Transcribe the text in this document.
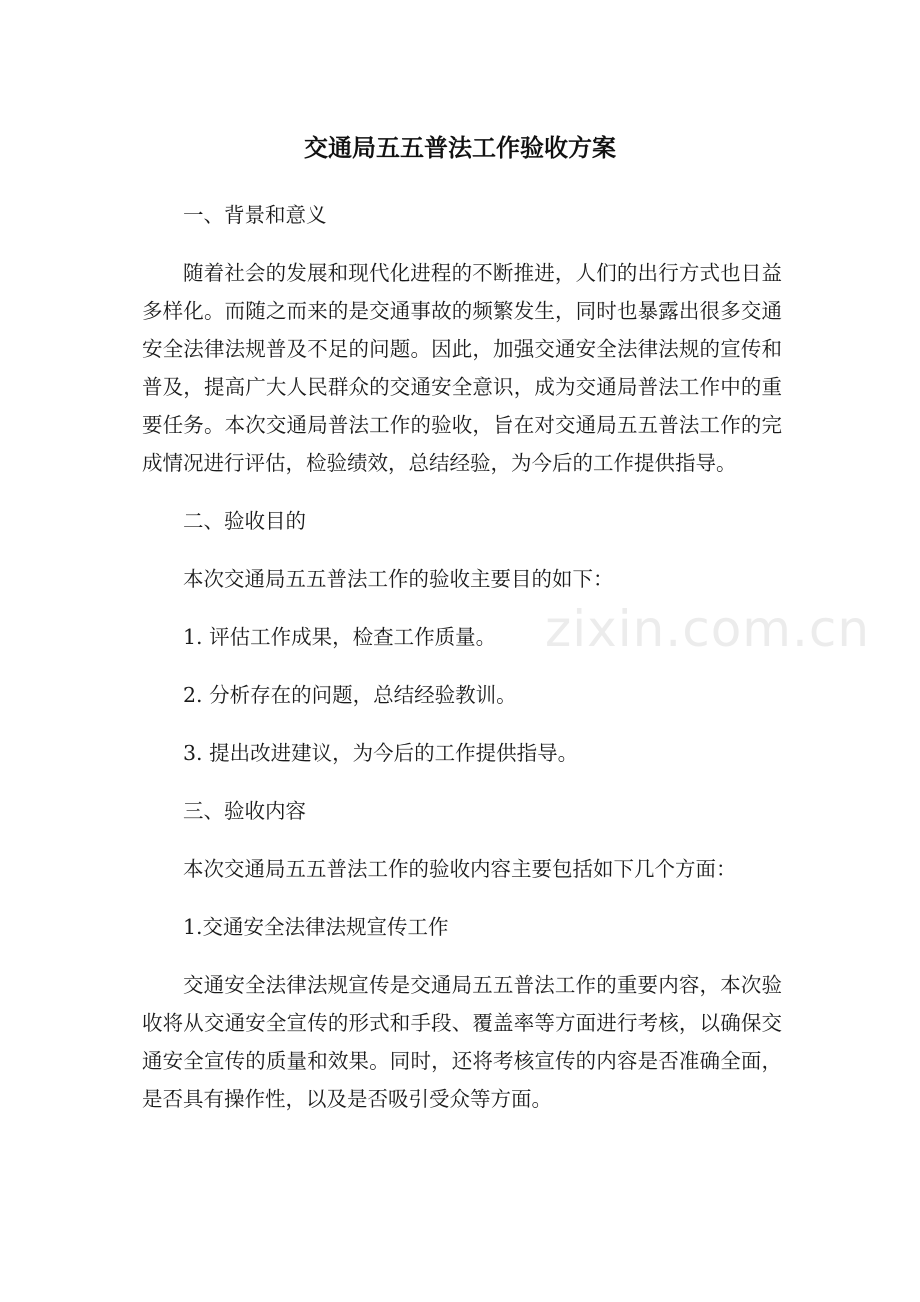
zixin.com.cn
交通局五五普法工作验收方案

一、背景和意义

随着社会的发展和现代化进程的不断推进，人们的出行方式也日益多样化。而随之而来的是交通事故的频繁发生，同时也暴露出很多交通安全法律法规普及不足的问题。因此，加强交通安全法律法规的宣传和普及，提高广大人民群众的交通安全意识，成为交通局普法工作中的重要任务。本次交通局普法工作的验收，旨在对交通局五五普法工作的完成情况进行评估，检验绩效，总结经验，为今后的工作提供指导。

二、验收目的

本次交通局五五普法工作的验收主要目的如下：

1. 评估工作成果，检查工作质量。

2. 分析存在的问题，总结经验教训。

3. 提出改进建议，为今后的工作提供指导。

三、验收内容

本次交通局五五普法工作的验收内容主要包括如下几个方面：

1.交通安全法律法规宣传工作

交通安全法律法规宣传是交通局五五普法工作的重要内容，本次验收将从交通安全宣传的形式和手段、覆盖率等方面进行考核，以确保交通安全宣传的质量和效果。同时，还将考核宣传的内容是否准确全面，是否具有操作性，以及是否吸引受众等方面。
